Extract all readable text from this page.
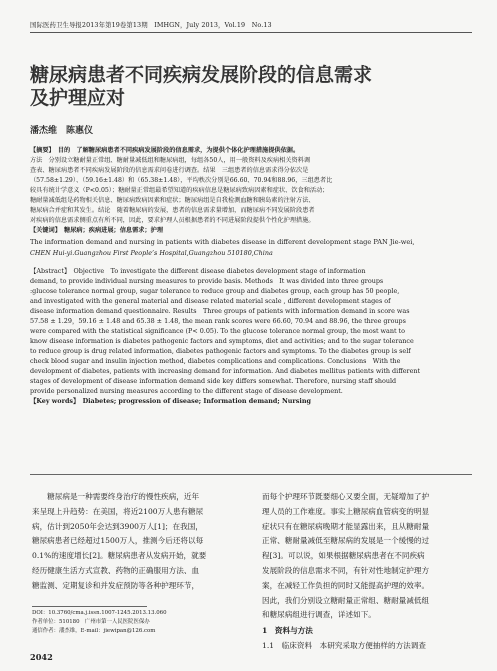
国际医药卫生导报2013年第19卷第13期　IMHGN，July 2013，Vol.19　No.13
糖尿病患者不同疾病发展阶段的信息需求
及护理应对
潘杰维　陈惠仪
【摘要】　目的　了解糖尿病患者不同疾病发展阶段的信息需求，为提供个体化护理措施提供依据。
方法　分别设立糖耐量正常组、糖耐量减低组和糖尿病组，每组各50人，用一般资料及疾病相关资料调
查表、糖尿病患者不同疾病发展阶段的信息需求问卷进行调查。结果　三组患者的信息需求得分依次是
（57.58±1.29）、（59.16±1.48）和（65.38±1.48），平均秩次分别是66.60、70.94和88.96，三组患者比
较具有统计学意义（P<0.05）；糖耐量正常组最希望知道的疾病信息是糖尿病致病因素和症状、饮食和活动；
糖耐量减低组是药物相关信息、糖尿病致病因素和症状；糖尿病组是自我检测血糖和胰岛素的注射方法、
糖尿病合并症和其发生。结论　随着糖尿病的发展，患者的信息需求量增加，而糖尿病不同发展阶段患者
对疾病的信息需求侧重点有所不同，因此，要求护理人员根据患者的不同进展阶段提供个性化护理措施。
【关键词】　糖尿病；疾病进展；信息需求；护理
The information demand and nursing in patients with diabetes disease in different development stage PAN Jie-wei,
CHEN Hui-yi.Guangzhou First People’s Hospital,Guangzhou 510180,China
【Abstract】　Objective　To investigate the different disease diabetes development stage of information
demand, to provide individual nursing measures to provide basis. Methods　It was divided into three groups
:glucose tolerance normal group, sugar tolerance to reduce group and diabetes group, each group has 50 people,
and investigated with the general material and disease related material scale , different development stages of
disease information demand questionnaire. Results　Three groups of patients with information demand in score was
57.58 ± 1.29，59.16 ± 1.48 and 65.38 ± 1.48, the mean rank scores were 66.60, 70.94 and 88.96, the three groups
were compared with the statistical significance (P< 0.05). To the glucose tolerance normal group, the most want to
know disease information is diabetes pathogenic factors and symptoms, diet and activities; and to the sugar tolerance
to reduce group is drug related information, diabetes pathogenic factors and symptoms. To the diabetes group is self
check blood sugar and insulin injection method, diabetes complications and complications. Conclusions　With the
development of diabetes, patients with increasing demand for information. And diabetes mellitus patients with different
stages of development of disease information demand side key differs somewhat. Therefore, nursing staff should
provide personalized nursing measures according to the different stage of disease development.
【Key words】　Diabetes; progression of disease; Information demand; Nursing
　　糖尿病是一种需要终身治疗的慢性疾病，近年
来呈现上升趋势：在美国，将近2100万人患有糖尿
病，估计到2050年会达到3900万人[1]；在我国，
糖尿病患者已经超过1500万人，推测今后还将以每
0.1%的速度增长[2]。糖尿病患者从发病开始，就要
经历健康生活方式宣教、药物的正确服用方法、血
糖监测、定期复诊和并发症预防等各种护理环节，
而每个护理环节既要细心又要全面，无疑增加了护
理人员的工作难度。事实上糖尿病血管病变的明显
症状只有在糖尿病晚期才能显露出来，且从糖耐量
正常、糖耐量减低至糖尿病的发展是一个缓慢的过
程[3]。可以说，如果根据糖尿病患者在不同疾病
发展阶段的信息需求不同，有针对性地制定护理方
案，在减轻工作负担的同时又能提高护理的效率。
因此，我们分别设立糖耐量正常组、糖耐量减低组
和糖尿病组进行调查，详述如下。
1　资料与方法
1.1　临床资料　本研究采取方便抽样的方法调查
DOI：10.3760/cma.j.issn.1007-1245.2013.13.060
作者单位：510180　广州市第一人民医院医保办
通信作者：潘杰维，E-mail：jiewipan@126.com
2042
